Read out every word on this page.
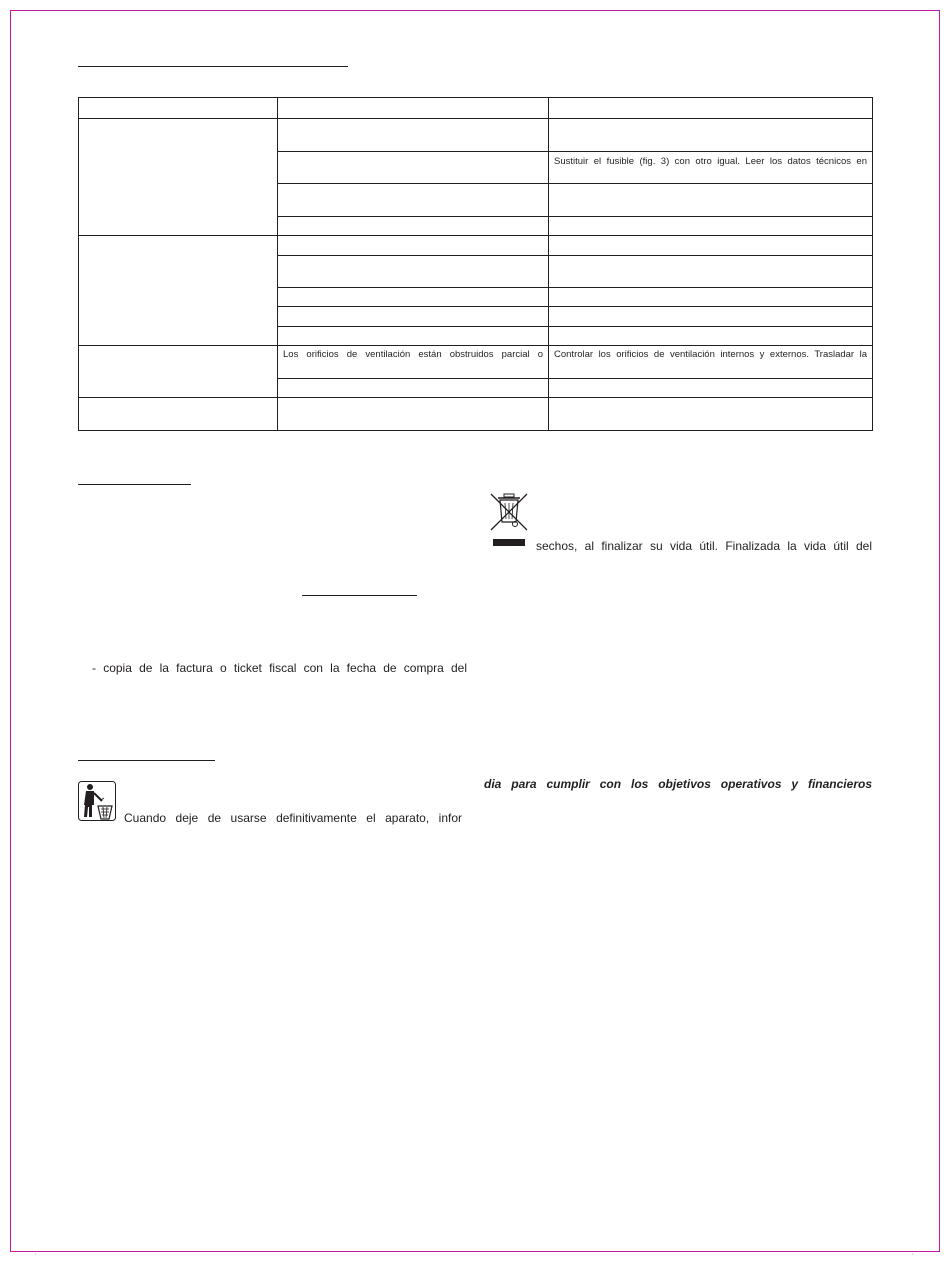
		Sustituir el fusible (fig. 3) con otro igual. Leer los datos técnicos en

	Los orificios de ventilación están obstruidos parcial o	Controlar los orificios de ventilación internos y externos. Trasladar la

- copia de la factura o ticket fiscal con la fecha de compra del
sechos, al finalizar su vida útil. Finalizada la vida útil del
Cuando deje de usarse definitivamente el aparato, infor
dia para cumplir con los objetivos operativos y financieros
'	'
